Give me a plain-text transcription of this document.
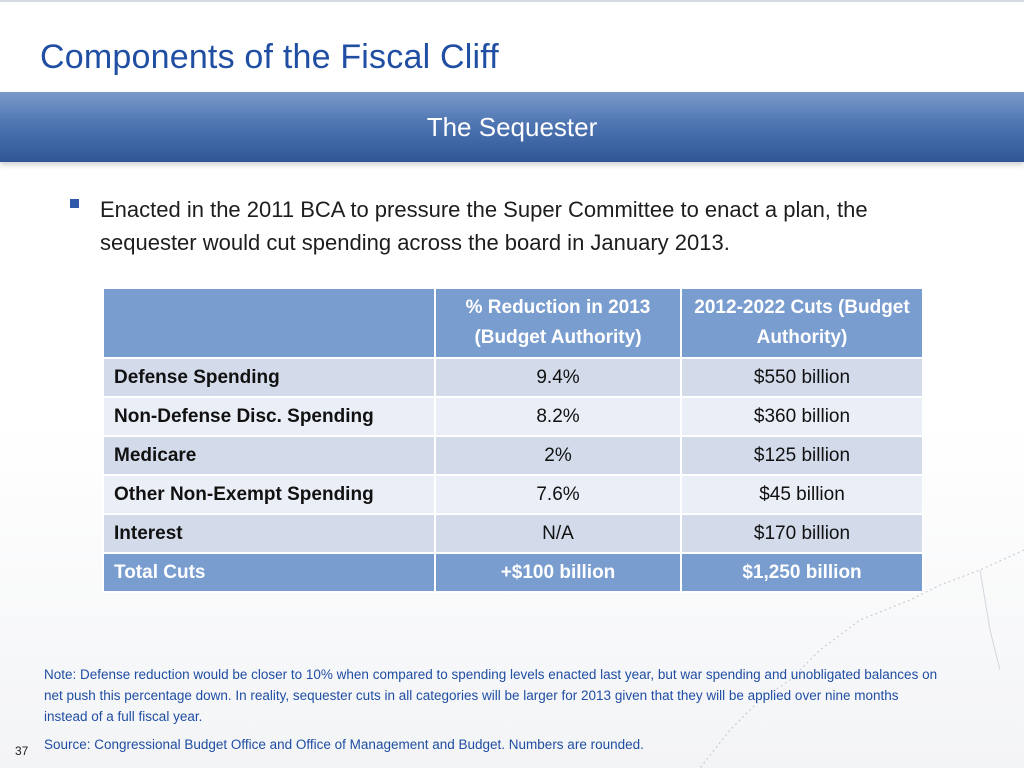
Components of the Fiscal Cliff
The Sequester
Enacted in the 2011 BCA to pressure the Super Committee to enact a plan, the sequester would cut spending across the board in January 2013.
	% Reduction in 2013 (Budget Authority)	2012-2022 Cuts (Budget Authority)
Defense Spending	9.4%	$550 billion
Non-Defense Disc. Spending	8.2%	$360 billion
Medicare	2%	$125 billion
Other Non-Exempt Spending	7.6%	$45 billion
Interest	N/A	$170 billion
Total Cuts	+$100 billion	$1,250 billion
Note: Defense reduction would be closer to 10% when compared to spending levels enacted last year, but war spending and unobligated balances on net push this percentage down. In reality, sequester cuts in all categories will be larger for 2013 given that they will be applied over nine months instead of a full fiscal year.
Source: Congressional Budget Office and Office of Management and Budget. Numbers are rounded.
37
